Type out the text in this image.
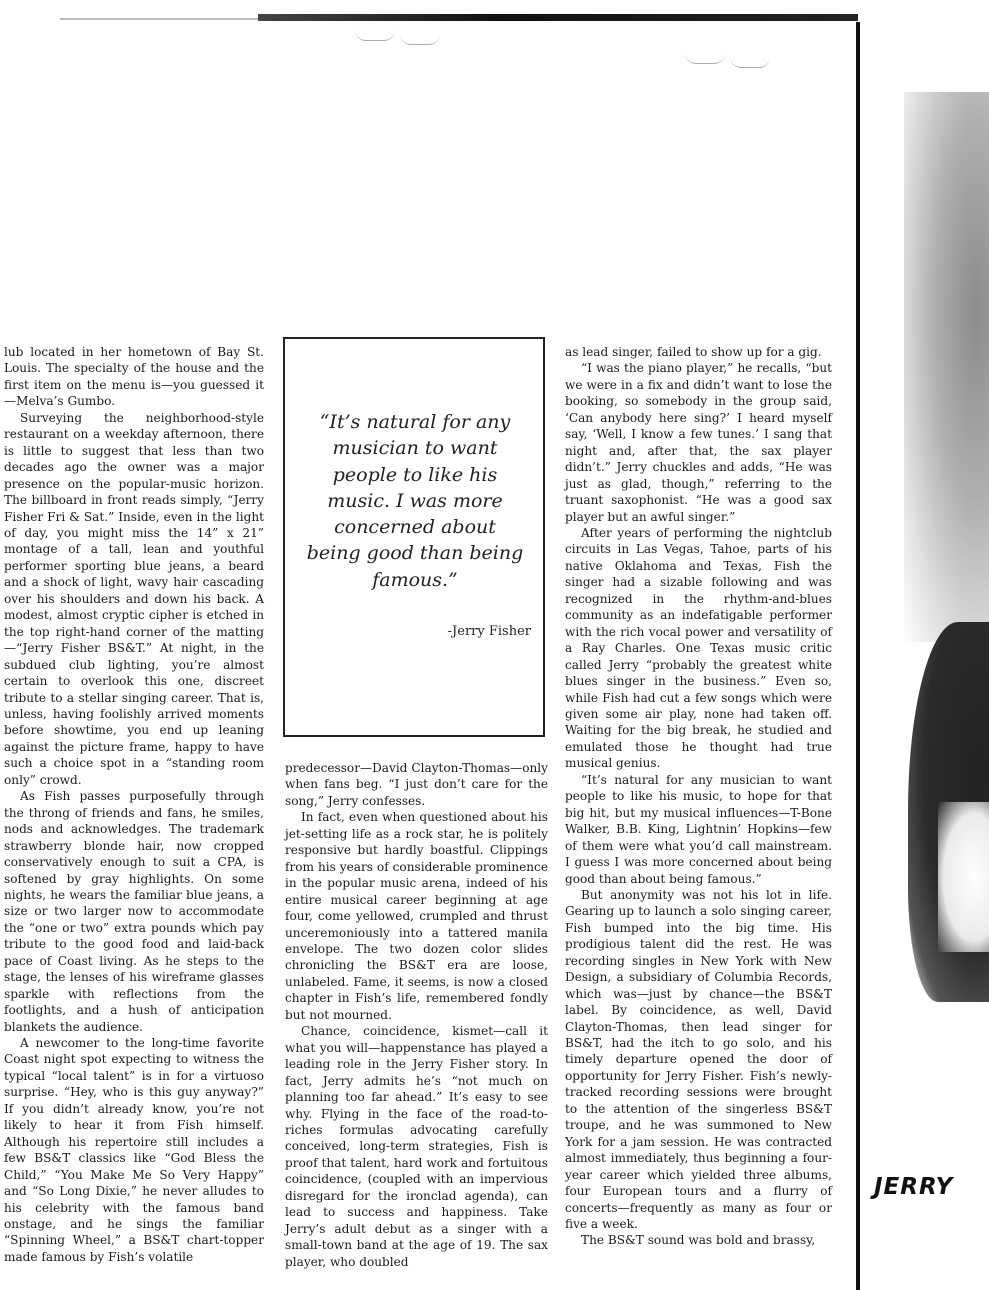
lub located in her hometown of Bay St. Louis. The specialty of the house and the first item on the menu is—you guessed it—Melva’s Gumbo.

Surveying the neighborhood-style restaurant on a weekday afternoon, there is little to suggest that less than two decades ago the owner was a major presence on the popular-music horizon. The billboard in front reads simply, “Jerry Fisher Fri & Sat.” Inside, even in the light of day, you might miss the 14” x 21” montage of a tall, lean and youthful performer sporting blue jeans, a beard and a shock of light, wavy hair cascading over his shoulders and down his back. A modest, almost cryptic cipher is etched in the top right-hand corner of the matting—“Jerry Fisher BS&T.” At night, in the subdued club lighting, you’re almost certain to overlook this one, discreet tribute to a stellar singing career. That is, unless, having foolishly arrived moments before showtime, you end up leaning against the picture frame, happy to have such a choice spot in a “standing room only” crowd.

As Fish passes purposefully through the throng of friends and fans, he smiles, nods and acknowledges. The trademark strawberry blonde hair, now cropped conservatively enough to suit a CPA, is softened by gray highlights. On some nights, he wears the familiar blue jeans, a size or two larger now to accommodate the “one or two” extra pounds which pay tribute to the good food and laid-back pace of Coast living. As he steps to the stage, the lenses of his wireframe glasses sparkle with reflections from the footlights, and a hush of anticipation blankets the audience.

A newcomer to the long-time favorite Coast night spot expecting to witness the typical “local talent” is in for a virtuoso surprise. “Hey, who is this guy anyway?” If you didn’t already know, you’re not likely to hear it from Fish himself. Although his repertoire still includes a few BS&T classics like “God Bless the Child,” “You Make Me So Very Happy” and “So Long Dixie,” he never alludes to his celebrity with the famous band onstage, and he sings the familiar “Spinning Wheel,” a BS&T chart-topper made famous by Fish’s volatile

“It’s natural for any musician to want people to like his music. I was more concerned about being good than being famous.”
-Jerry Fisher

predecessor—David Clayton-Thomas—only when fans beg. “I just don’t care for the song,” Jerry confesses.

In fact, even when questioned about his jet-setting life as a rock star, he is politely responsive but hardly boastful. Clippings from his years of considerable prominence in the popular music arena, indeed of his entire musical career beginning at age four, come yellowed, crumpled and thrust unceremoniously into a tattered manila envelope. The two dozen color slides chronicling the BS&T era are loose, unlabeled. Fame, it seems, is now a closed chapter in Fish’s life, remembered fondly but not mourned.

Chance, coincidence, kismet—call it what you will—happenstance has played a leading role in the Jerry Fisher story. In fact, Jerry admits he’s “not much on planning too far ahead.” It’s easy to see why. Flying in the face of the road-to-riches formulas advocating carefully conceived, long-term strategies, Fish is proof that talent, hard work and fortuitous coincidence, (coupled with an impervious disregard for the ironclad agenda), can lead to success and happiness. Take Jerry’s adult debut as a singer with a small-town band at the age of 19. The sax player, who doubled

as lead singer, failed to show up for a gig.

“I was the piano player,” he recalls, “but we were in a fix and didn’t want to lose the booking, so somebody in the group said, ‘Can anybody here sing?’ I heard myself say, ‘Well, I know a few tunes.’ I sang that night and, after that, the sax player didn’t.” Jerry chuckles and adds, “He was just as glad, though,” referring to the truant saxophonist. “He was a good sax player but an awful singer.”

After years of performing the nightclub circuits in Las Vegas, Tahoe, parts of his native Oklahoma and Texas, Fish the singer had a sizable following and was recognized in the rhythm-and-blues community as an indefatigable performer with the rich vocal power and versatility of a Ray Charles. One Texas music critic called Jerry “probably the greatest white blues singer in the business.” Even so, while Fish had cut a few songs which were given some air play, none had taken off. Waiting for the big break, he studied and emulated those he thought had true musical genius.

“It’s natural for any musician to want people to like his music, to hope for that big hit, but my musical influences—T-Bone Walker, B.B. King, Lightnin’ Hopkins—few of them were what you’d call mainstream. I guess I was more concerned about being good than about being famous.”

But anonymity was not his lot in life. Gearing up to launch a solo singing career, Fish bumped into the big time. His prodigious talent did the rest. He was recording singles in New York with New Design, a subsidiary of Columbia Records, which was—just by chance—the BS&T label. By coincidence, as well, David Clayton-Thomas, then lead singer for BS&T, had the itch to go solo, and his timely departure opened the door of opportunity for Jerry Fisher. Fish’s newly-tracked recording sessions were brought to the attention of the singerless BS&T troupe, and he was summoned to New York for a jam session. He was contracted almost immediately, thus beginning a four-year career which yielded three albums, four European tours and a flurry of concerts—frequently as many as four or five a week.

The BS&T sound was bold and brassy,

JERRY
